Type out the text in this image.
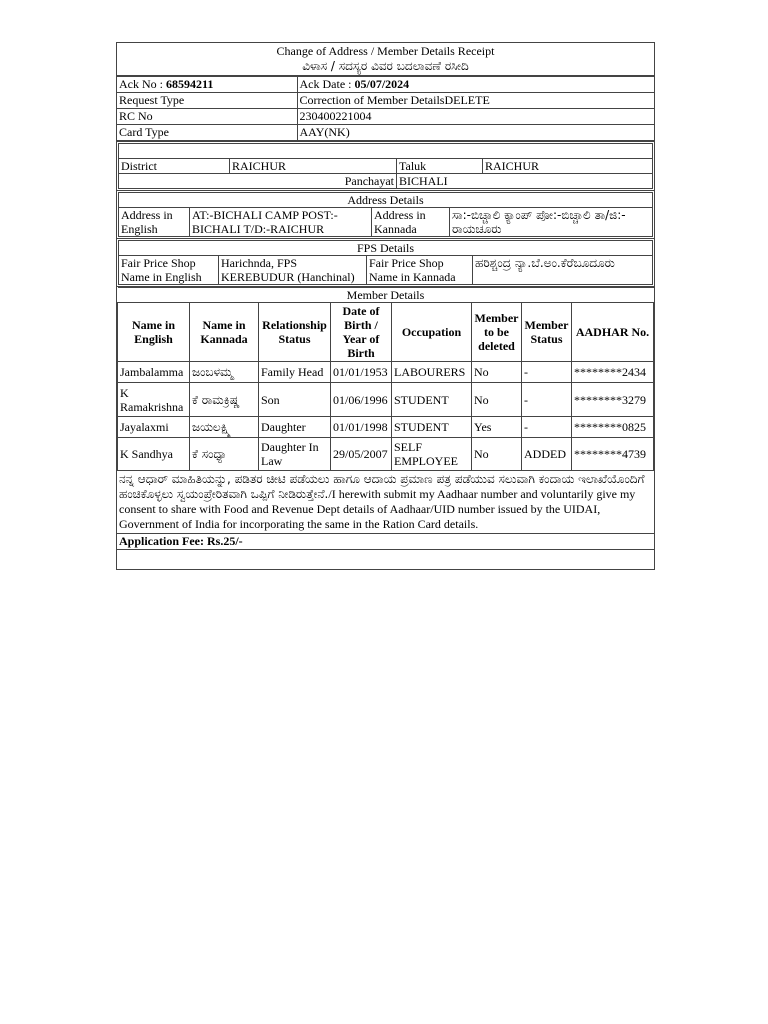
Change of Address / Member Details Receipt
ವಿಳಾಸ / ಸದಸ್ಯರ ವಿವರ ಬದಲಾವಣೆ ರಸೀದಿ
Ack No : 68594211	Ack Date : 05/07/2024
Request Type	Correction of Member DetailsDELETE
RC No	230400221004
Card Type	AAY(NK)

District	RAICHUR	Taluk	RAICHUR
Panchayat	BICHALI

Address Details
Address in English	AT:-BICHALI CAMP POST:-BICHALI T/D:-RAICHUR	Address in Kannada	ಸಾ:-ಬಿಚ್ಚಾಲಿ ಕ್ಯಾಂಪ್ ಪೋ:-ಬಿಚ್ಚಾಲಿ ತಾ/ಜಿ:-ರಾಯಚೂರು

FPS Details
Fair Price Shop Name in English	Harichnda, FPS KEREBUDUR (Hanchinal)	Fair Price Shop Name in Kannada	ಹರಿಶ್ಚಂದ್ರ ನ್ಯಾ.ಬೆ.ಅಂ.ಕೆರೆಬೂದೂರು
Member Details							
Name in English	Name in Kannada	Relationship Status	Date of Birth / Year of Birth	Occupation	Member to be deleted	Member Status	AADHAR No.
Jambalamma	ಜಂಬಳಮ್ಮ	Family Head	01/01/1953	LABOURERS	No	-	********2434
K Ramakrishna	ಕೆ ರಾಮಕ್ರಿಷ್ಣ	Son	01/06/1996	STUDENT	No	-	********3279
Jayalaxmi	ಜಯಲಕ್ಷ್ಮಿ	Daughter	01/01/1998	STUDENT	Yes	-	********0825
K Sandhya	ಕೆ ಸಂಧ್ಯಾ	Daughter In Law	29/05/2007	SELF EMPLOYEE	No	ADDED	********4739
ನನ್ನ ಆಧಾರ್ ಮಾಹಿತಿಯನ್ನು, ಪಡಿತರ ಚೀಟಿ ಪಡೆಯಲು ಹಾಗೂ ಆದಾಯ ಪ್ರಮಾಣ ಪತ್ರ ಪಡೆಯುವ ಸಲುವಾಗಿ ಕಂದಾಯ ಇಲಾಖೆಯೊಂದಿಗೆ ಹಂಚಿಕೊಳ್ಳಲು ಸ್ವಯಂಪ್ರೇರಿತವಾಗಿ ಒಪ್ಪಿಗೆ ನೀಡಿರುತ್ತೇನೆ./I herewith submit my Aadhaar number and voluntarily give my consent to share with Food and Revenue Dept details of Aadhaar/UID number issued by the UIDAI, Government of India for incorporating the same in the Ration Card details.
Application Fee: Rs.25/-
